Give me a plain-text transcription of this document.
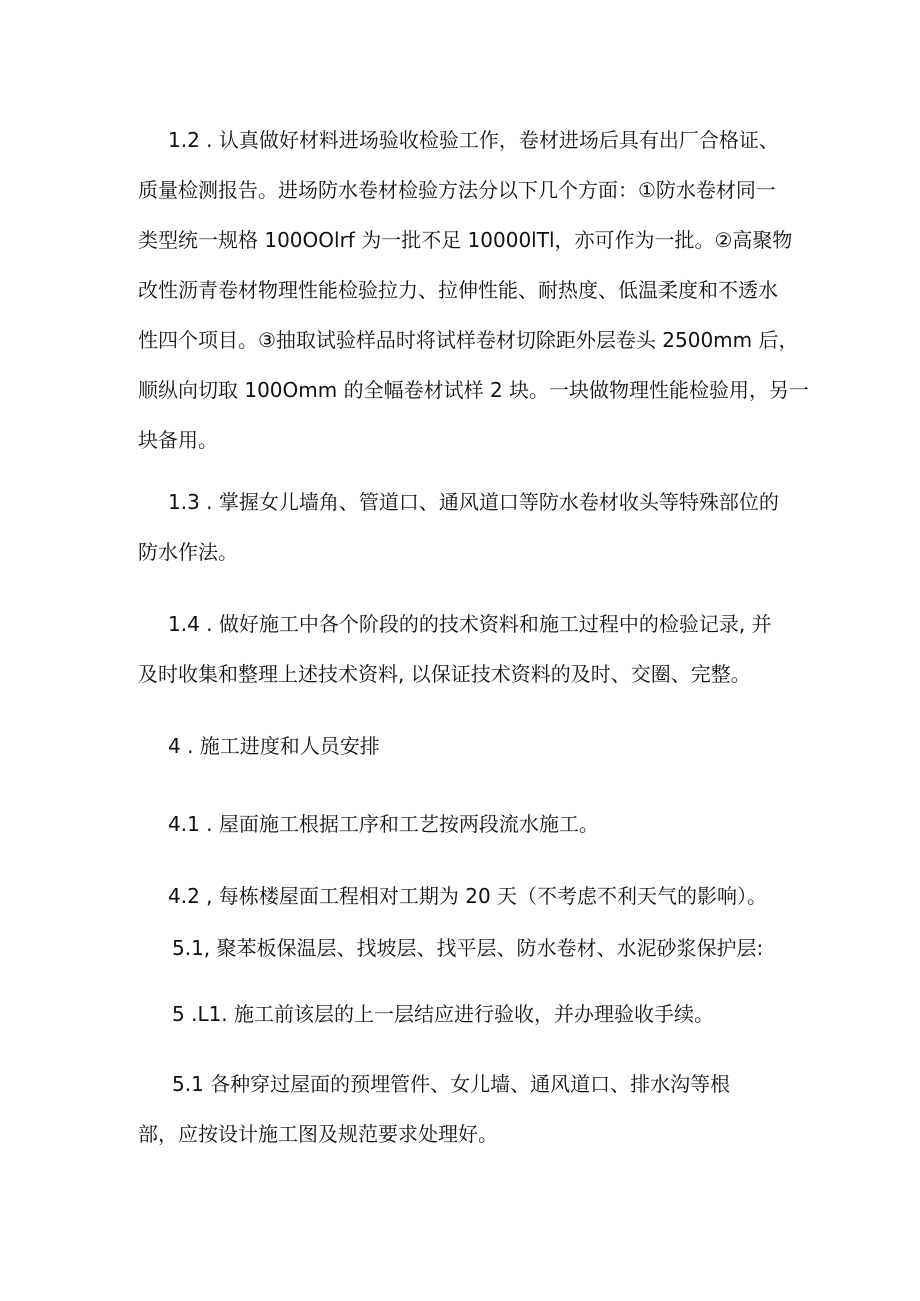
1.2 . 认真做好材料进场验收检验工作，卷材进场后具有出厂合格证、
质量检测报告。进场防水卷材检验方法分以下几个方面：①防水卷材同一
类型统一规格 100OOlrf 为一批不足 10000lTl，亦可作为一批。②高聚物
改性沥青卷材物理性能检验拉力、拉伸性能、耐热度、低温柔度和不透水
性四个项目。③抽取试验样品时将试样卷材切除距外层卷头 2500mm 后，
顺纵向切取 100Omm 的全幅卷材试样 2 块。一块做物理性能检验用，另一
块备用。
1.3 . 掌握女儿墙角、管道口、通风道口等防水卷材收头等特殊部位的
防水作法。
1.4 . 做好施工中各个阶段的的技术资料和施工过程中的检验记录, 并
及时收集和整理上述技术资料, 以保证技术资料的及时、交圈、完整。
4 . 施工进度和人员安排
4.1 . 屋面施工根据工序和工艺按两段流水施工。
4.2 , 每栋楼屋面工程相对工期为 20 天（不考虑不利天气的影响）。
5.1, 聚苯板保温层、找坡层、找平层、防水卷材、水泥砂浆保护层:
5 .L1. 施工前该层的上一层结应进行验收，并办理验收手续。
5.1 各种穿过屋面的预埋管件、女儿墙、通风道口、排水沟等根
部，应按设计施工图及规范要求处理好。
